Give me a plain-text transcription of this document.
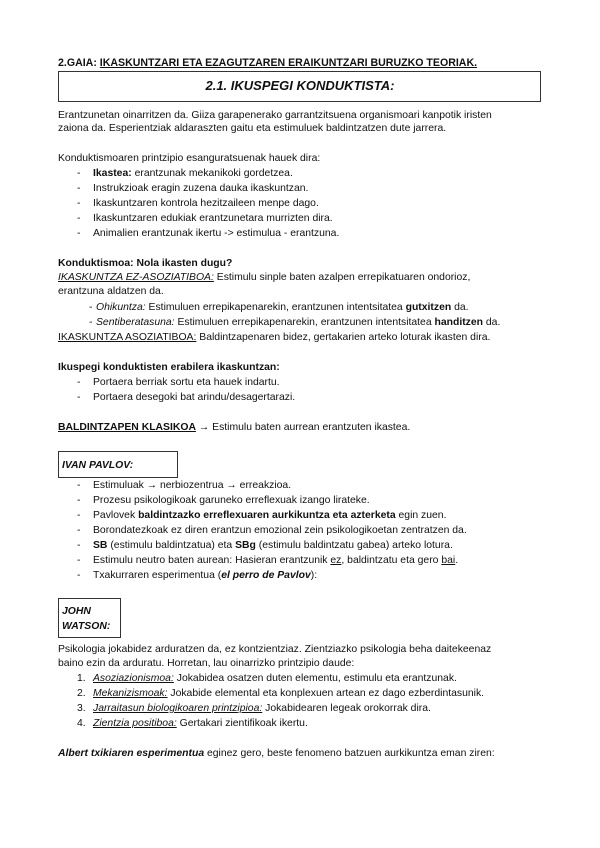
2.GAIA: IKASKUNTZARI ETA EZAGUTZAREN ERAIKUNTZARI BURUZKO TEORIAK.
2.1. IKUSPEGI KONDUKTISTA:
Erantzunetan oinarritzen da. Giiza garapenerako garrantzitsuena organismoari kanpotik iristen
zaiona da. Esperientziak aldaraszten gaitu eta estimuluek baldintzatzen dute jarrera.
Konduktismoaren printzipio esanguratsuenak hauek dira:
- Ikastea: erantzunak mekanikoki gordetzea.
- Instrukzioak eragin zuzena dauka ikaskuntzan.
- Ikaskuntzaren kontrola hezitzaileen menpe dago.
- Ikaskuntzaren edukiak erantzunetara murrizten dira.
- Animalien erantzunak ikertu -> estimulua - erantzuna.
Konduktismoa: Nola ikasten dugu?
IKASKUNTZA EZ-ASOZIATIBOA: Estimulu sinple baten azalpen errepikatuaren ondorioz,
erantzuna aldatzen da.
- Ohikuntza: Estimuluen errepikapenarekin, erantzunen intentsitatea gutxitzen da.
- Sentiberatasuna: Estimuluen errepikapenarekin, erantzunen intentsitatea handitzen da.
IKASKUNTZA ASOZIATIBOA: Baldintzapenaren bidez, gertakarien arteko loturak ikasten dira.
Ikuspegi konduktisten erabilera ikaskuntzan:
- Portaera berriak sortu eta hauek indartu.
- Portaera desegoki bat arindu/desagertarazi.
BALDINTZAPEN KLASIKOA → Estimulu baten aurrean erantzuten ikastea.
IVAN PAVLOV:
- Estimuluak → nerbiozentrua → erreakzioa.
- Prozesu psikologikoak garuneko erreflexuak izango lirateke.
- Pavlovek baldintzazko erreflexuaren aurkikuntza eta azterketa egin zuen.
- Borondatezkoak ez diren erantzun emozional zein psikologikoetan zentratzen da.
- SB (estimulu baldintzatua) eta SBg (estimulu baldintzatu gabea) arteko lotura.
- Estimulu neutro baten aurean: Hasieran erantzunik ez, baldintzatu eta gero bai.
- Txakurraren esperimentua (el perro de Pavlov):
JOHN
WATSON:
Psikologia jokabidez arduratzen da, ez kontzientziaz. Zientziazko psikologia beha daitekeenaz
baino ezin da arduratu. Horretan, lau oinarrizko printzipio daude:
1. Asoziazionismoa: Jokabidea osatzen duten elementu, estimulu eta erantzunak.
2. Mekanizismoak: Jokabide elemental eta konplexuen artean ez dago ezberdintasunik.
3. Jarraitasun biologikoaren printzipioa: Jokabidearen legeak orokorrak dira.
4. Zientzia positiboa: Gertakari zientifikoak ikertu.
Albert txikiaren esperimentua eginez gero, beste fenomeno batzuen aurkikuntza eman ziren:
